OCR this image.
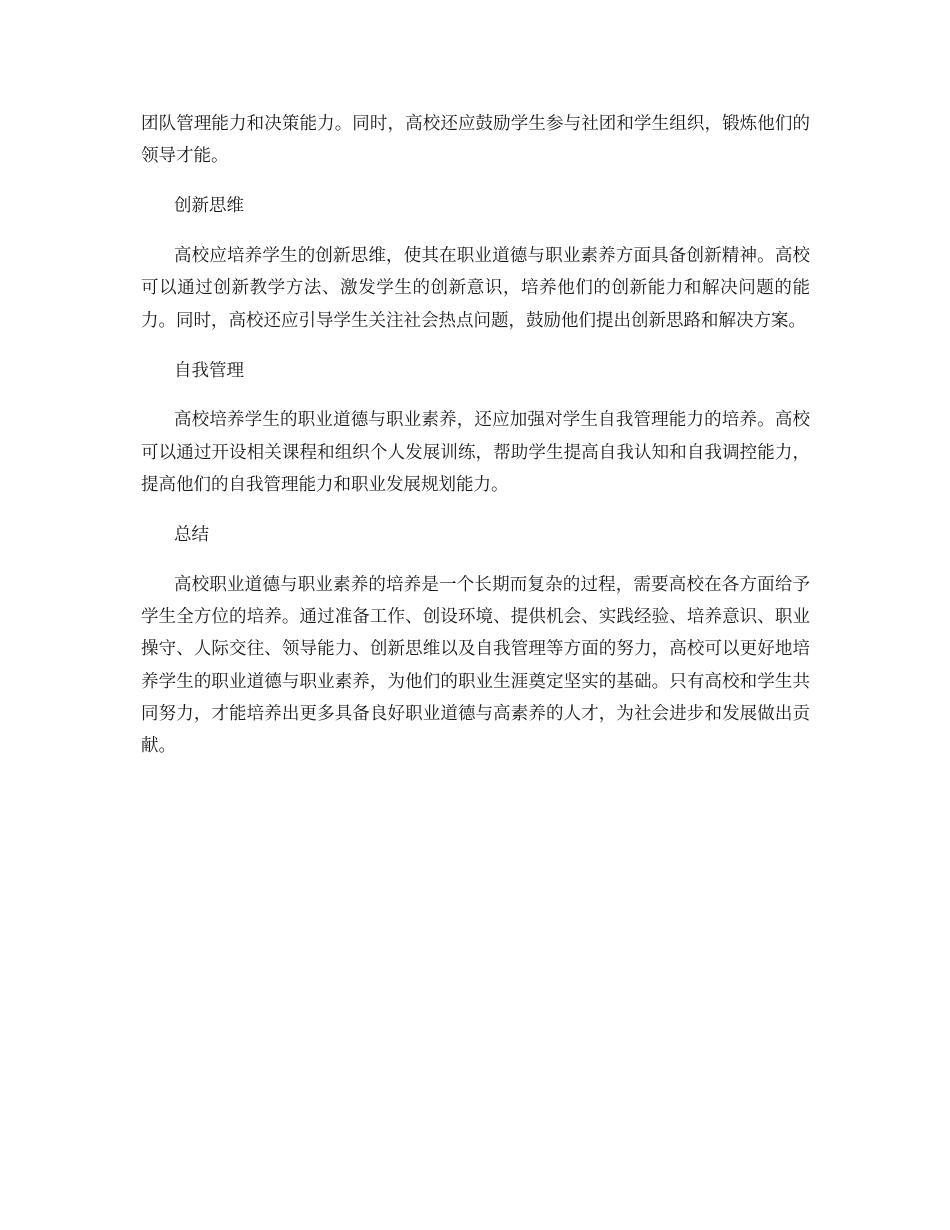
团队管理能力和决策能力。同时，高校还应鼓励学生参与社团和学生组织，锻炼他们的领导才能。

创新思维

高校应培养学生的创新思维，使其在职业道德与职业素养方面具备创新精神。高校可以通过创新教学方法、激发学生的创新意识，培养他们的创新能力和解决问题的能力。同时，高校还应引导学生关注社会热点问题，鼓励他们提出创新思路和解决方案。

自我管理

高校培养学生的职业道德与职业素养，还应加强对学生自我管理能力的培养。高校可以通过开设相关课程和组织个人发展训练，帮助学生提高自我认知和自我调控能力，提高他们的自我管理能力和职业发展规划能力。

总结

高校职业道德与职业素养的培养是一个长期而复杂的过程，需要高校在各方面给予学生全方位的培养。通过准备工作、创设环境、提供机会、实践经验、培养意识、职业操守、人际交往、领导能力、创新思维以及自我管理等方面的努力，高校可以更好地培养学生的职业道德与职业素养，为他们的职业生涯奠定坚实的基础。只有高校和学生共同努力，才能培养出更多具备良好职业道德与高素养的人才，为社会进步和发展做出贡献。
